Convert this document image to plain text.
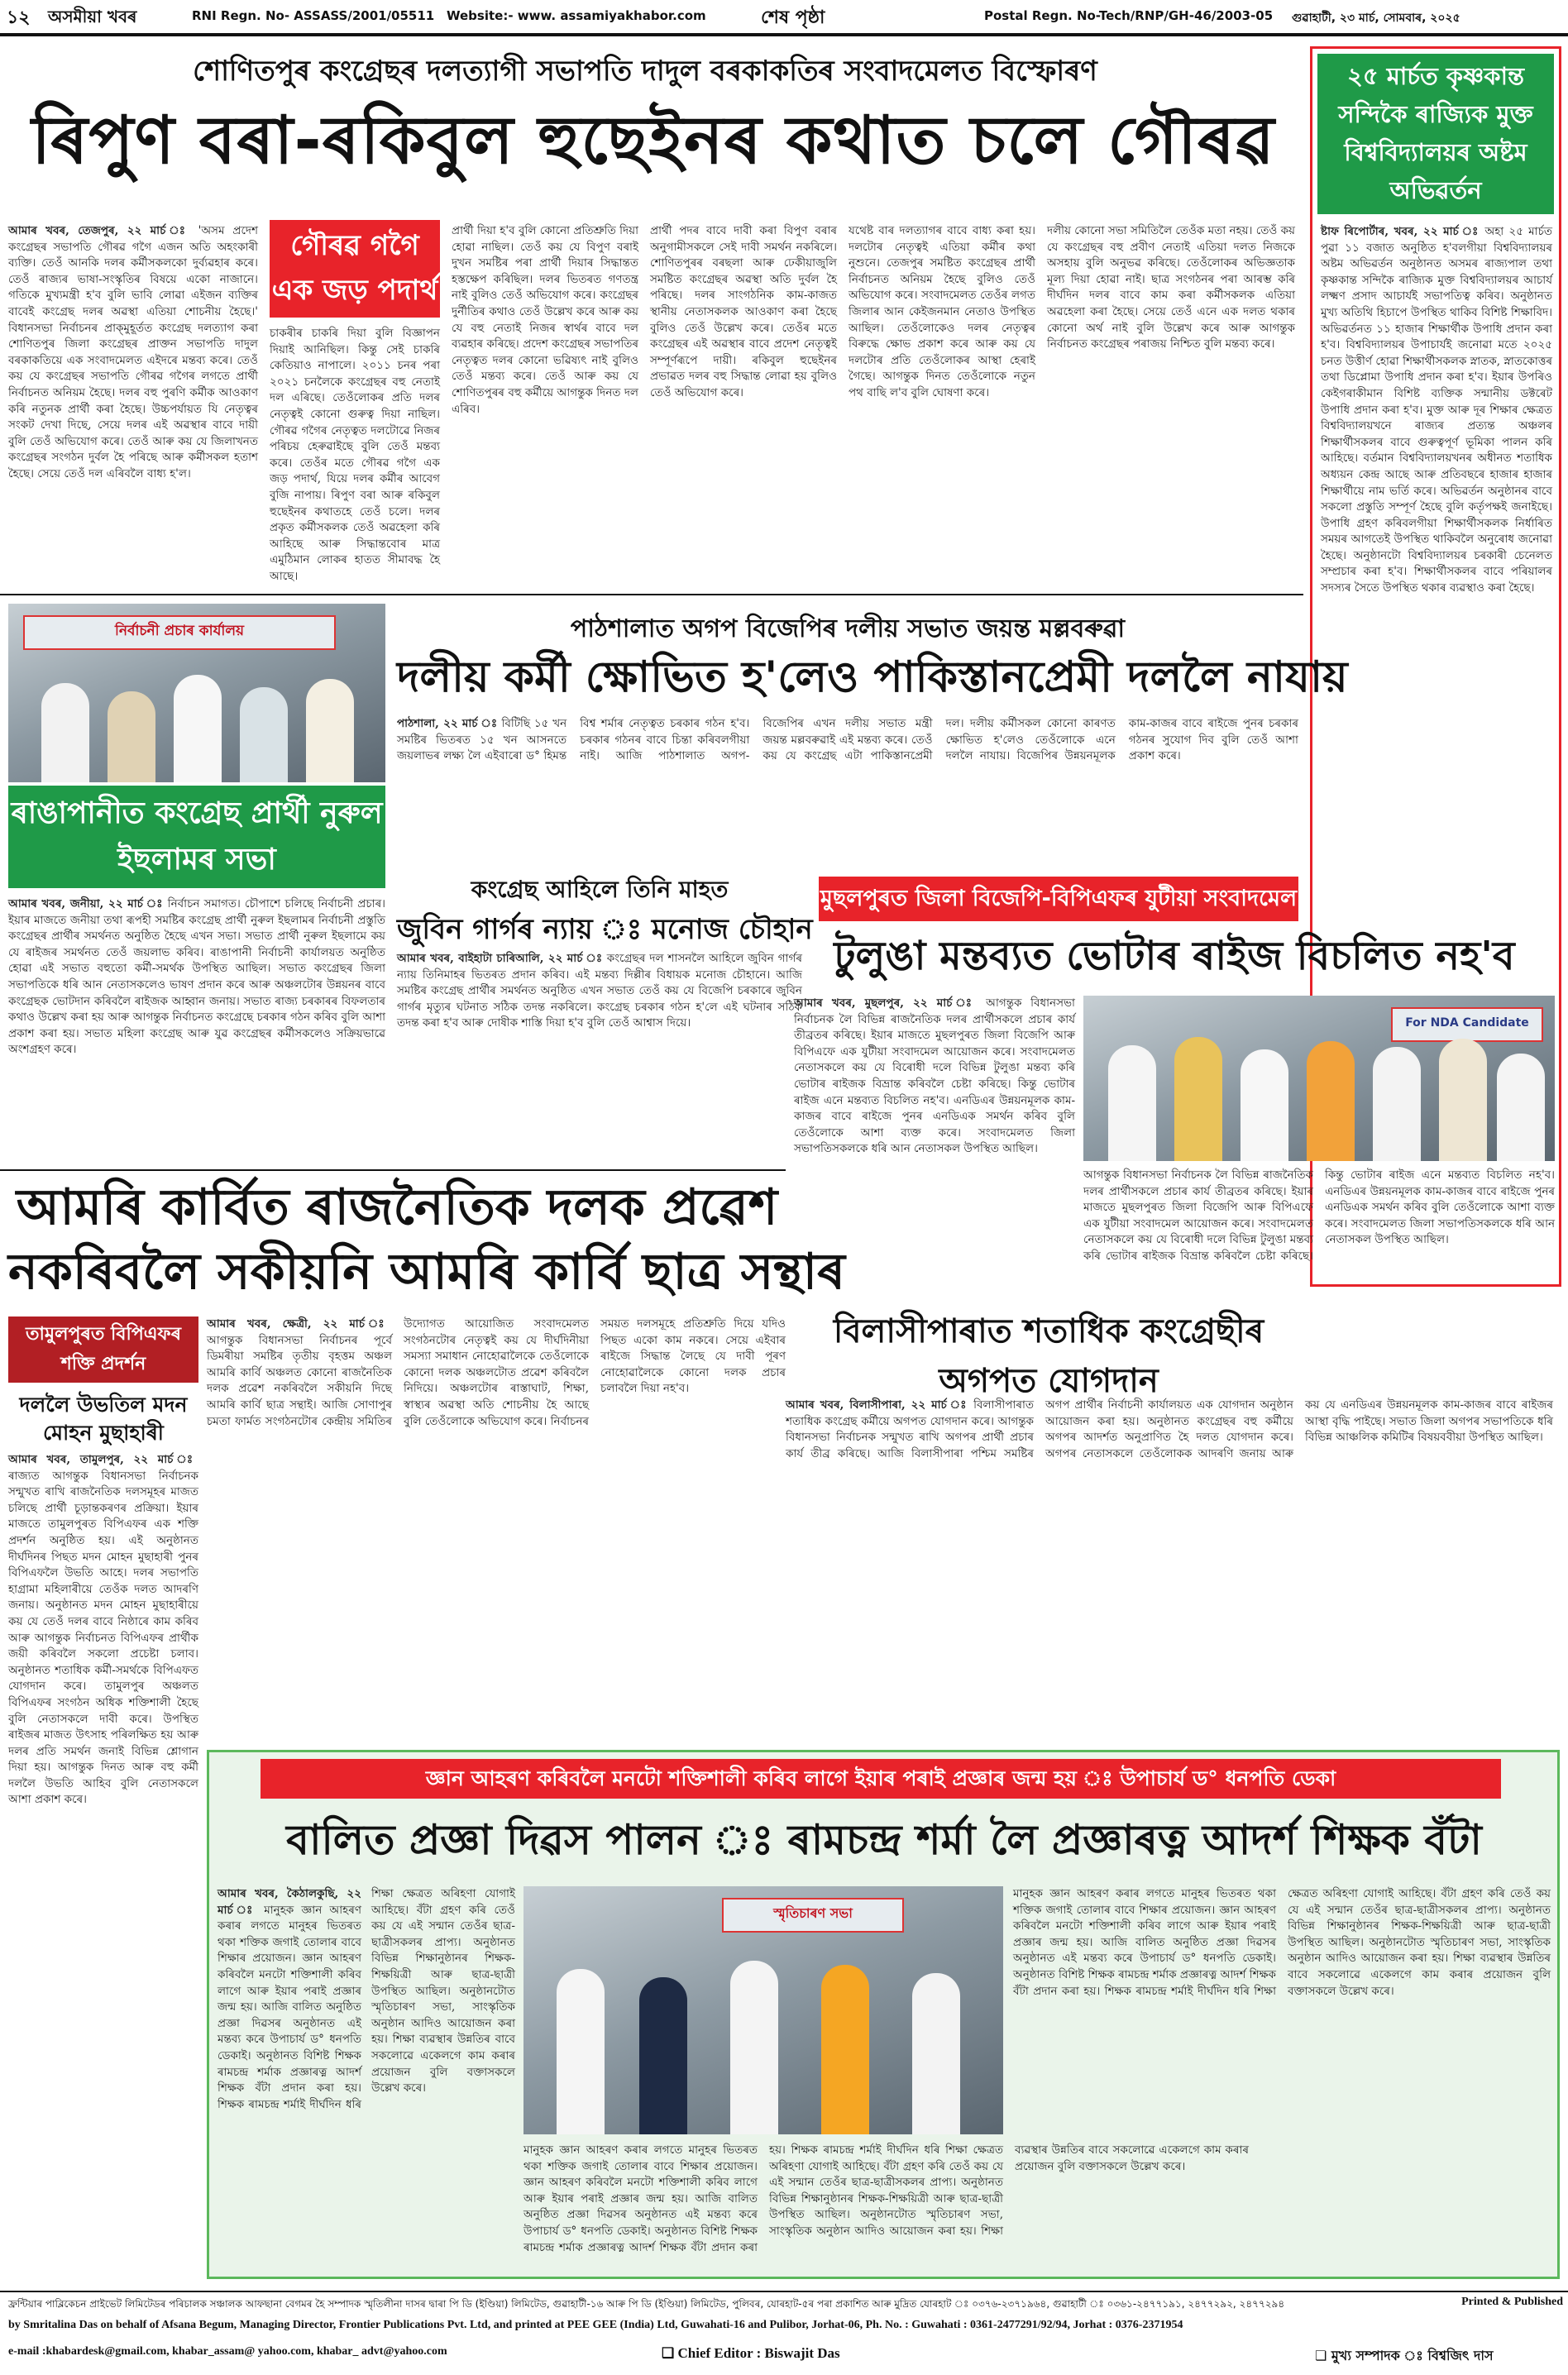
১২ অসমীয়া খবৰ	RNI Regn. No- ASSASS/2001/05511 Website:- www. assamiyakhabor.com	শেষ পৃষ্ঠা	Postal Regn. No-Tech/RNP/GH-46/2003-05 গুৱাহাটী, ২৩ মাৰ্চ, সোমবাৰ, ২০২৫
শোণিতপুৰ কংগ্ৰেছৰ দলত্যাগী সভাপতি দাদুল বৰকাকতিৰ সংবাদমেলত বিস্ফোৰণ
ৰিপুণ বৰা-ৰকিবুল হুছেইনৰ কথাত চলে গৌৰৱ
গৌৰৱ গগৈ এক জড় পদাৰ্থ
আমাৰ খবৰ, তেজপুৰ, ২২ মাৰ্চ ঃ 'অসম প্ৰদেশ কংগ্ৰেছৰ সভাপতি গৌৰৱ গগৈ এজন অতি অহংকাৰী ব্যক্তি। তেওঁ আনকি দলৰ কৰ্মীসকলকো দুৰ্ব্যৱহাৰ কৰে। তেওঁ ৰাজ্যৰ ভাষা-সংস্কৃতিৰ বিষয়ে একো নাজানে। গতিকে মুখ্যমন্ত্ৰী হ'ব বুলি ভাবি লোৱা এইজন ব্যক্তিৰ বাবেই কংগ্ৰেছ দলৰ অৱস্থা এতিয়া শোচনীয় হৈছে।' বিধানসভা নিৰ্বাচনৰ প্ৰাক্‌মুহূৰ্তত কংগ্ৰেছ দলত্যাগ কৰা শোণিতপুৰ জিলা কংগ্ৰেছৰ প্ৰাক্তন সভাপতি দাদুল বৰকাকতিয়ে এক সংবাদমেলত এইদৰে মন্তব্য কৰে। তেওঁ কয় যে কংগ্ৰেছৰ সভাপতি গৌৰৱ গগৈৰ লগতে প্ৰাৰ্থী নিৰ্বাচনত অনিয়ম হৈছে। দলৰ বহু পুৰণি কৰ্মীক আওকাণ কৰি নতুনক প্ৰাৰ্থী কৰা হৈছে। উচ্চপৰ্যায়ত যি নেতৃত্বৰ সংকট দেখা দিছে, সেয়ে দলৰ এই অৱস্থাৰ বাবে দায়ী বুলি তেওঁ অভিযোগ কৰে। তেওঁ আৰু কয় যে জিলাখনত কংগ্ৰেছৰ সংগঠন দুৰ্বল হৈ পৰিছে আৰু কৰ্মীসকল হতাশ হৈছে। সেয়ে তেওঁ দল এৰিবলৈ বাধ্য হ'ল।
চাকৰীৰ চাকৰি দিয়া বুলি বিজ্ঞাপন দিয়াই আনিছিল। কিন্তু সেই চাকৰি কেতিয়াও নাপালে। ২০১১ চনৰ পৰা ২০২১ চনলৈকে কংগ্ৰেছৰ বহু নেতাই দল এৰিছে। তেওঁলোকৰ প্ৰতি দলৰ নেতৃত্বই কোনো গুৰুত্ব দিয়া নাছিল। গৌৰৱ গগৈৰ নেতৃত্বত দলটোৱে নিজৰ পৰিচয় হেৰুৱাইছে বুলি তেওঁ মন্তব্য কৰে। তেওঁৰ মতে গৌৰৱ গগৈ এক জড় পদাৰ্থ, যিয়ে দলৰ কৰ্মীৰ আবেগ বুজি নাপায়। ৰিপুণ বৰা আৰু ৰকিবুল হুছেইনৰ কথাতহে তেওঁ চলে। দলৰ প্ৰকৃত কৰ্মীসকলক তেওঁ অৱহেলা কৰি আহিছে আৰু সিদ্ধান্তবোৰ মাত্ৰ এমুঠিমান লোকৰ হাতত সীমাবদ্ধ হৈ আছে।
প্ৰাৰ্থী দিয়া হ'ব বুলি কোনো প্ৰতিশ্ৰুতি দিয়া হোৱা নাছিল। তেওঁ কয় যে বিপুণ বৰাই দুখন সমষ্টিৰ পৰা প্ৰাৰ্থী দিয়াৰ সিদ্ধান্তত হস্তক্ষেপ কৰিছিল। দলৰ ভিতৰত গণতন্ত্ৰ নাই বুলিও তেওঁ অভিযোগ কৰে। কংগ্ৰেছৰ দুৰ্নীতিৰ কথাও তেওঁ উল্লেখ কৰে আৰু কয় যে বহু নেতাই নিজৰ স্বাৰ্থৰ বাবে দল ব্যৱহাৰ কৰিছে। প্ৰদেশ কংগ্ৰেছৰ সভাপতিৰ নেতৃত্বত দলৰ কোনো ভৱিষ্যৎ নাই বুলিও তেওঁ মন্তব্য কৰে। তেওঁ আৰু কয় যে শোণিতপুৰৰ বহু কৰ্মীয়ে আগন্তুক দিনত দল এৰিব।
প্ৰাৰ্থী পদৰ বাবে দাবী কৰা বিপুণ বৰাৰ অনুগামীসকলে সেই দাবী সমৰ্থন নকৰিলে। শোণিতপুৰৰ বৰছলা আৰু ঢেকীয়াজুলি সমষ্টিত কংগ্ৰেছৰ অৱস্থা অতি দুৰ্বল হৈ পৰিছে। দলৰ সাংগঠনিক কাম-কাজত স্থানীয় নেতাসকলক আওকাণ কৰা হৈছে বুলিও তেওঁ উল্লেখ কৰে। তেওঁৰ মতে কংগ্ৰেছৰ এই অৱস্থাৰ বাবে প্ৰদেশ নেতৃত্বই সম্পূৰ্ণৰূপে দায়ী। ৰকিবুল হুছেইনৰ প্ৰভাৱত দলৰ বহু সিদ্ধান্ত লোৱা হয় বুলিও তেওঁ অভিযোগ কৰে।
যথেষ্ট বাৰ দলত্যাগৰ বাবে বাধ্য কৰা হয়। দলটোৰ নেতৃত্বই এতিয়া কৰ্মীৰ কথা নুশুনে। তেজপুৰ সমষ্টিত কংগ্ৰেছৰ প্ৰাৰ্থী নিৰ্বাচনত অনিয়ম হৈছে বুলিও তেওঁ অভিযোগ কৰে। সংবাদমেলত তেওঁৰ লগত জিলাৰ আন কেইজনমান নেতাও উপস্থিত আছিল। তেওঁলোকেও দলৰ নেতৃত্বৰ বিৰুদ্ধে ক্ষোভ প্ৰকাশ কৰে আৰু কয় যে দলটোৰ প্ৰতি তেওঁলোকৰ আস্থা হেৰাই গৈছে। আগন্তুক দিনত তেওঁলোকে নতুন পথ বাছি ল'ব বুলি ঘোষণা কৰে।
দলীয় কোনো সভা সমিতিলৈ তেওঁক মতা নহয়। তেওঁ কয় যে কংগ্ৰেছৰ বহু প্ৰবীণ নেতাই এতিয়া দলত নিজকে অসহায় বুলি অনুভৱ কৰিছে। তেওঁলোকৰ অভিজ্ঞতাক মূল্য দিয়া হোৱা নাই। ছাত্ৰ সংগঠনৰ পৰা আৰম্ভ কৰি দীৰ্ঘদিন দলৰ বাবে কাম কৰা কৰ্মীসকলক এতিয়া অৱহেলা কৰা হৈছে। সেয়ে তেওঁ এনে এক দলত থকাৰ কোনো অৰ্থ নাই বুলি উল্লেখ কৰে আৰু আগন্তুক নিৰ্বাচনত কংগ্ৰেছৰ পৰাজয় নিশ্চিত বুলি মন্তব্য কৰে।
২৫ মাৰ্চত কৃষ্ণকান্ত সন্দিকৈ ৰাজ্যিক মুক্ত বিশ্ববিদ্যালয়ৰ অষ্টম অভিৱৰ্তন
ষ্টাফ ৰিপোৰ্টাৰ, খবৰ, ২২ মাৰ্চ ঃ অহা ২৫ মাৰ্চত পুৱা ১১ বজাত অনুষ্ঠিত হ'বলগীয়া বিশ্ববিদ্যালয়ৰ অষ্টম অভিৱৰ্তন অনুষ্ঠানত অসমৰ ৰাজ্যপাল তথা কৃষ্ণকান্ত সন্দিকৈ ৰাজ্যিক মুক্ত বিশ্ববিদ্যালয়ৰ আচাৰ্য লক্ষ্মণ প্ৰসাদ আচাৰ্যই সভাপতিত্ব কৰিব। অনুষ্ঠানত মুখ্য অতিথি হিচাপে উপস্থিত থাকিব বিশিষ্ট শিক্ষাবিদ। অভিৱৰ্তনত ১১ হাজাৰ শিক্ষাৰ্থীক উপাধি প্ৰদান কৰা হ'ব। বিশ্ববিদ্যালয়ৰ উপাচাৰ্যই জনোৱা মতে ২০২৫ চনত উত্তীৰ্ণ হোৱা শিক্ষাৰ্থীসকলক স্নাতক, স্নাতকোত্তৰ তথা ডিপ্লোমা উপাধি প্ৰদান কৰা হ'ব। ইয়াৰ উপৰিও কেইগৰাকীমান বিশিষ্ট ব্যক্তিক সন্মানীয় ডক্টৰেট উপাধি প্ৰদান কৰা হ'ব। মুক্ত আৰু দূৰ শিক্ষাৰ ক্ষেত্ৰত বিশ্ববিদ্যালয়খনে ৰাজ্যৰ প্ৰত্যন্ত অঞ্চলৰ শিক্ষাৰ্থীসকলৰ বাবে গুৰুত্বপূৰ্ণ ভূমিকা পালন কৰি আহিছে। বৰ্তমান বিশ্ববিদ্যালয়খনৰ অধীনত শতাধিক অধ্যয়ন কেন্দ্ৰ আছে আৰু প্ৰতিবছৰে হাজাৰ হাজাৰ শিক্ষাৰ্থীয়ে নাম ভৰ্তি কৰে। অভিৱৰ্তন অনুষ্ঠানৰ বাবে সকলো প্ৰস্তুতি সম্পূৰ্ণ হৈছে বুলি কৰ্তৃপক্ষই জনাইছে। উপাধি গ্ৰহণ কৰিবলগীয়া শিক্ষাৰ্থীসকলক নিৰ্ধাৰিত সময়ৰ আগতেই উপস্থিত থাকিবলৈ অনুৰোধ জনোৱা হৈছে। অনুষ্ঠানটো বিশ্ববিদ্যালয়ৰ চৰকাৰী চেনেলত সম্প্ৰচাৰ কৰা হ'ব। শিক্ষাৰ্থীসকলৰ বাবে পৰিয়ালৰ সদস্যৰ সৈতে উপস্থিত থকাৰ ব্যৱস্থাও কৰা হৈছে।
নিৰ্বাচনী প্ৰচাৰ কাৰ্যালয়
ৰাঙাপানীত কংগ্ৰেছ প্ৰাৰ্থী নুৰুল ইছলামৰ সভা
আমাৰ খবৰ, জনীয়া, ২২ মাৰ্চ ঃ নিৰ্বাচন সমাগত। চৌপাশে চলিছে নিৰ্বাচনী প্ৰচাৰ। ইয়াৰ মাজতে জনীয়া তথা ৰূপহী সমষ্টিৰ কংগ্ৰেছ প্ৰাৰ্থী নুৰুল ইছলামৰ নিৰ্বাচনী প্ৰস্তুতি কংগ্ৰেছৰ প্ৰাৰ্থীৰ সমৰ্থনত অনুষ্ঠিত হৈছে এখন সভা। সভাত প্ৰাৰ্থী নুৰুল ইছলামে কয় যে ৰাইজৰ সমৰ্থনত তেওঁ জয়লাভ কৰিব। ৰাঙাপানী নিৰ্বাচনী কাৰ্যালয়ত অনুষ্ঠিত হোৱা এই সভাত বহুতো কৰ্মী-সমৰ্থক উপস্থিত আছিল। সভাত কংগ্ৰেছৰ জিলা সভাপতিকে ধৰি আন নেতাসকলেও ভাষণ প্ৰদান কৰে আৰু অঞ্চলটোৰ উন্নয়নৰ বাবে কংগ্ৰেছক ভোটদান কৰিবলৈ ৰাইজক আহ্বান জনায়। সভাত ৰাজ্য চৰকাৰৰ বিফলতাৰ কথাও উল্লেখ কৰা হয় আৰু আগন্তুক নিৰ্বাচনত কংগ্ৰেছে চৰকাৰ গঠন কৰিব বুলি আশা প্ৰকাশ কৰা হয়। সভাত মহিলা কংগ্ৰেছ আৰু যুৱ কংগ্ৰেছৰ কৰ্মীসকলেও সক্ৰিয়ভাৱে অংশগ্ৰহণ কৰে।
পাঠশালাত অগপ বিজেপিৰ দলীয় সভাত জয়ন্ত মল্লবৰুৱা
দলীয় কৰ্মী ক্ষোভিত হ'লেও পাকিস্তানপ্ৰেমী দললৈ নাযায়
পাঠশালা, ২২ মাৰ্চ ঃ বিটিছি ১৫ খন সমষ্টিৰ ভিতৰত ১৫ খন আসনতে জয়লাভৰ লক্ষ্য লৈ এইবাৰো ড° হিমন্ত বিশ্ব শৰ্মাৰ নেতৃত্বত চৰকাৰ গঠন হ'ব। চৰকাৰ গঠনৰ বাবে চিন্তা কৰিবলগীয়া নাই। আজি পাঠশালাত অগপ-বিজেপিৰ এখন দলীয় সভাত মন্ত্ৰী জয়ন্ত মল্লবৰুৱাই এই মন্তব্য কৰে। তেওঁ কয় যে কংগ্ৰেছ এটা পাকিস্তানপ্ৰেমী দল। দলীয় কৰ্মীসকল কোনো কাৰণত ক্ষোভিত হ'লেও তেওঁলোকে এনে দললৈ নাযায়। বিজেপিৰ উন্নয়নমূলক কাম-কাজৰ বাবে ৰাইজে পুনৰ চৰকাৰ গঠনৰ সুযোগ দিব বুলি তেওঁ আশা প্ৰকাশ কৰে।
কংগ্ৰেছ আহিলে তিনি মাহত
জুবিন গাৰ্গৰ ন্যায় ঃ মনোজ চৌহান
আমাৰ খবৰ, বাইহাটা চাৰিআলি, ২২ মাৰ্চ ঃ কংগ্ৰেছৰ দল শাসনলৈ আহিলে জুবিন গাৰ্গৰ ন্যায় তিনিমাহৰ ভিতৰত প্ৰদান কৰিব। এই মন্তব্য দিল্লীৰ বিধায়ক মনোজ চৌহানে। আজি সমষ্টিৰ কংগ্ৰেছ প্ৰাৰ্থীৰ সমৰ্থনত অনুষ্ঠিত এখন সভাত তেওঁ কয় যে বিজেপি চৰকাৰে জুবিন গাৰ্গৰ মৃত্যুৰ ঘটনাত সঠিক তদন্ত নকৰিলে। কংগ্ৰেছ চৰকাৰ গঠন হ'লে এই ঘটনাৰ সঠিক তদন্ত কৰা হ'ব আৰু দোষীক শাস্তি দিয়া হ'ব বুলি তেওঁ আশ্বাস দিয়ে।
মুছলপুৰত জিলা বিজেপি-বিপিএফৰ যুটীয়া সংবাদমেল
টুলুঙা মন্তব্যত ভোটাৰ ৰাইজ বিচলিত নহ'ব
আমাৰ খবৰ, মুছলপুৰ, ২২ মাৰ্চ ঃ আগন্তুক বিধানসভা নিৰ্বাচনক লৈ বিভিন্ন ৰাজনৈতিক দলৰ প্ৰাৰ্থীসকলে প্ৰচাৰ কাৰ্য তীব্ৰতৰ কৰিছে। ইয়াৰ মাজতে মুছলপুৰত জিলা বিজেপি আৰু বিপিএফে এক যুটীয়া সংবাদমেল আয়োজন কৰে। সংবাদমেলত নেতাসকলে কয় যে বিৰোধী দলে বিভিন্ন টুলুঙা মন্তব্য কৰি ভোটাৰ ৰাইজক বিভ্ৰান্ত কৰিবলৈ চেষ্টা কৰিছে। কিন্তু ভোটাৰ ৰাইজ এনে মন্তব্যত বিচলিত নহ'ব। এনডিএৰ উন্নয়নমূলক কাম-কাজৰ বাবে ৰাইজে পুনৰ এনডিএক সমৰ্থন কৰিব বুলি তেওঁলোকে আশা ব্যক্ত কৰে। সংবাদমেলত জিলা সভাপতিসকলকে ধৰি আন নেতাসকল উপস্থিত আছিল।
For NDA Candidate
আগন্তুক বিধানসভা নিৰ্বাচনক লৈ বিভিন্ন ৰাজনৈতিক দলৰ প্ৰাৰ্থীসকলে প্ৰচাৰ কাৰ্য তীব্ৰতৰ কৰিছে। ইয়াৰ মাজতে মুছলপুৰত জিলা বিজেপি আৰু বিপিএফে এক যুটীয়া সংবাদমেল আয়োজন কৰে। সংবাদমেলত নেতাসকলে কয় যে বিৰোধী দলে বিভিন্ন টুলুঙা মন্তব্য কৰি ভোটাৰ ৰাইজক বিভ্ৰান্ত কৰিবলৈ চেষ্টা কৰিছে। কিন্তু ভোটাৰ ৰাইজ এনে মন্তব্যত বিচলিত নহ'ব। এনডিএৰ উন্নয়নমূলক কাম-কাজৰ বাবে ৰাইজে পুনৰ এনডিএক সমৰ্থন কৰিব বুলি তেওঁলোকে আশা ব্যক্ত কৰে। সংবাদমেলত জিলা সভাপতিসকলকে ধৰি আন নেতাসকল উপস্থিত আছিল।
আমৰি কাৰ্বিত ৰাজনৈতিক দলক প্ৰৱেশ
নকৰিবলৈ সকীয়নি আমৰি কাৰ্বি ছাত্ৰ সন্থাৰ
তামুলপুৰত বিপিএফৰ শক্তি প্ৰদৰ্শন
দললৈ উভতিল মদন মোহন মুছাহাৰী
আমাৰ খবৰ, তামুলপুৰ, ২২ মাৰ্চ ঃ ৰাজ্যত আগন্তুক বিধানসভা নিৰ্বাচনক সন্মুখত ৰাখি ৰাজনৈতিক দলসমূহৰ মাজত চলিছে প্ৰাৰ্থী চূড়ান্তকৰণৰ প্ৰক্ৰিয়া। ইয়াৰ মাজতে তামুলপুৰত বিপিএফৰ এক শক্তি প্ৰদৰ্শন অনুষ্ঠিত হয়। এই অনুষ্ঠানত দীৰ্ঘদিনৰ পিছত মদন মোহন মুছাহাৰী পুনৰ বিপিএফলৈ উভতি আহে। দলৰ সভাপতি হাগ্ৰামা মহিলাৰীয়ে তেওঁক দলত আদৰণি জনায়। অনুষ্ঠানত মদন মোহন মুছাহাৰীয়ে কয় যে তেওঁ দলৰ বাবে নিষ্ঠাৰে কাম কৰিব আৰু আগন্তুক নিৰ্বাচনত বিপিএফৰ প্ৰাৰ্থীক জয়ী কৰিবলৈ সকলো প্ৰচেষ্টা চলাব। অনুষ্ঠানত শতাধিক কৰ্মী-সমৰ্থকে বিপিএফত যোগদান কৰে। তামুলপুৰ অঞ্চলত বিপিএফৰ সংগঠন অধিক শক্তিশালী হৈছে বুলি নেতাসকলে দাবী কৰে। উপস্থিত ৰাইজৰ মাজত উৎসাহ পৰিলক্ষিত হয় আৰু দলৰ প্ৰতি সমৰ্থন জনাই বিভিন্ন শ্লোগান দিয়া হয়। আগন্তুক দিনত আৰু বহু কৰ্মী দললৈ উভতি আহিব বুলি নেতাসকলে আশা প্ৰকাশ কৰে।
আমাৰ খবৰ, ক্ষেত্ৰী, ২২ মাৰ্চ ঃ আগন্তুক বিধানসভা নিৰ্বাচনৰ পূৰ্বে ডিমৰীয়া সমষ্টিৰ তৃতীয় বৃহত্তম অঞ্চল আমৰি কাৰ্বি অঞ্চলত কোনো ৰাজনৈতিক দলক প্ৰৱেশ নকৰিবলৈ সকীয়নি দিছে আমৰি কাৰ্বি ছাত্ৰ সন্থাই। আজি সোণাপুৰ চমতা ফাৰ্মত সংগঠনটোৰ কেন্দ্ৰীয় সমিতিৰ উদ্যোগত আয়োজিত সংবাদমেলত সংগঠনটোৰ নেতৃত্বই কয় যে দীৰ্ঘদিনীয়া সমস্যা সমাধান নোহোৱালৈকে তেওঁলোকে কোনো দলক অঞ্চলটোত প্ৰৱেশ কৰিবলৈ নিদিয়ে। অঞ্চলটোৰ ৰাস্তাঘাট, শিক্ষা, স্বাস্থ্যৰ অৱস্থা অতি শোচনীয় হৈ আছে বুলি তেওঁলোকে অভিযোগ কৰে। নিৰ্বাচনৰ সময়ত দলসমূহে প্ৰতিশ্ৰুতি দিয়ে যদিও পিছত একো কাম নকৰে। সেয়ে এইবাৰ ৰাইজে সিদ্ধান্ত লৈছে যে দাবী পূৰণ নোহোৱালৈকে কোনো দলক প্ৰচাৰ চলাবলৈ দিয়া নহ'ব।
বিলাসীপাৰাত শতাধিক কংগ্ৰেছীৰ অগপত যোগদান
আমাৰ খবৰ, বিলাসীপাৰা, ২২ মাৰ্চ ঃ বিলাসীপাৰাত শতাধিক কংগ্ৰেছ কৰ্মীয়ে অগপত যোগদান কৰে। আগন্তুক বিধানসভা নিৰ্বাচনক সন্মুখত ৰাখি অগপৰ প্ৰাৰ্থী প্ৰচাৰ কাৰ্য তীব্ৰ কৰিছে। আজি বিলাসীপাৰা পশ্চিম সমষ্টিৰ অগপ প্ৰাৰ্থীৰ নিৰ্বাচনী কাৰ্যালয়ত এক যোগদান অনুষ্ঠান আয়োজন কৰা হয়। অনুষ্ঠানত কংগ্ৰেছৰ বহু কৰ্মীয়ে অগপৰ আদৰ্শত অনুপ্ৰাণিত হৈ দলত যোগদান কৰে। অগপৰ নেতাসকলে তেওঁলোকক আদৰণি জনায় আৰু কয় যে এনডিএৰ উন্নয়নমূলক কাম-কাজৰ বাবে ৰাইজৰ আস্থা বৃদ্ধি পাইছে। সভাত জিলা অগপৰ সভাপতিকে ধৰি বিভিন্ন আঞ্চলিক কমিটিৰ বিষয়ববীয়া উপস্থিত আছিল।
জ্ঞান আহৰণ কৰিবলৈ মনটো শক্তিশালী কৰিব লাগে ইয়াৰ পৰাই প্ৰজ্ঞাৰ জন্ম হয় ঃ উপাচাৰ্য ড° ধনপতি ডেকা
বালিত প্ৰজ্ঞা দিৱস পালন ঃ ৰামচন্দ্ৰ শৰ্মা লৈ প্ৰজ্ঞাৰত্ন আদৰ্শ শিক্ষক বঁটা
আমাৰ খবৰ, কৈঠালকুছি, ২২ মাৰ্চ ঃ মানুহক জ্ঞান আহৰণ কৰাৰ লগতে মানুহৰ ভিতৰত থকা শক্তিক জগাই তোলাৰ বাবে শিক্ষাৰ প্ৰয়োজন। জ্ঞান আহৰণ কৰিবলৈ মনটো শক্তিশালী কৰিব লাগে আৰু ইয়াৰ পৰাই প্ৰজ্ঞাৰ জন্ম হয়। আজি বালিত অনুষ্ঠিত প্ৰজ্ঞা দিৱসৰ অনুষ্ঠানত এই মন্তব্য কৰে উপাচাৰ্য ড° ধনপতি ডেকাই। অনুষ্ঠানত বিশিষ্ট শিক্ষক ৰামচন্দ্ৰ শৰ্মাক প্ৰজ্ঞাৰত্ন আদৰ্শ শিক্ষক বঁটা প্ৰদান কৰা হয়। শিক্ষক ৰামচন্দ্ৰ শৰ্মাই দীৰ্ঘদিন ধৰি শিক্ষা ক্ষেত্ৰত অৰিহণা যোগাই আহিছে। বঁটা গ্ৰহণ কৰি তেওঁ কয় যে এই সন্মান তেওঁৰ ছাত্ৰ-ছাত্ৰীসকলৰ প্ৰাপ্য। অনুষ্ঠানত বিভিন্ন শিক্ষানুষ্ঠানৰ শিক্ষক-শিক্ষয়িত্ৰী আৰু ছাত্ৰ-ছাত্ৰী উপস্থিত আছিল। অনুষ্ঠানটোত স্মৃতিচাৰণ সভা, সাংস্কৃতিক অনুষ্ঠান আদিও আয়োজন কৰা হয়। শিক্ষা ব্যৱস্থাৰ উন্নতিৰ বাবে সকলোৱে একেলগে কাম কৰাৰ প্ৰয়োজন বুলি বক্তাসকলে উল্লেখ কৰে।
স্মৃতিচাৰণ সভা
মানুহক জ্ঞান আহৰণ কৰাৰ লগতে মানুহৰ ভিতৰত থকা শক্তিক জগাই তোলাৰ বাবে শিক্ষাৰ প্ৰয়োজন। জ্ঞান আহৰণ কৰিবলৈ মনটো শক্তিশালী কৰিব লাগে আৰু ইয়াৰ পৰাই প্ৰজ্ঞাৰ জন্ম হয়। আজি বালিত অনুষ্ঠিত প্ৰজ্ঞা দিৱসৰ অনুষ্ঠানত এই মন্তব্য কৰে উপাচাৰ্য ড° ধনপতি ডেকাই। অনুষ্ঠানত বিশিষ্ট শিক্ষক ৰামচন্দ্ৰ শৰ্মাক প্ৰজ্ঞাৰত্ন আদৰ্শ শিক্ষক বঁটা প্ৰদান কৰা হয়। শিক্ষক ৰামচন্দ্ৰ শৰ্মাই দীৰ্ঘদিন ধৰি শিক্ষা ক্ষেত্ৰত অৰিহণা যোগাই আহিছে। বঁটা গ্ৰহণ কৰি তেওঁ কয় যে এই সন্মান তেওঁৰ ছাত্ৰ-ছাত্ৰীসকলৰ প্ৰাপ্য। অনুষ্ঠানত বিভিন্ন শিক্ষানুষ্ঠানৰ শিক্ষক-শিক্ষয়িত্ৰী আৰু ছাত্ৰ-ছাত্ৰী উপস্থিত আছিল। অনুষ্ঠানটোত স্মৃতিচাৰণ সভা, সাংস্কৃতিক অনুষ্ঠান আদিও আয়োজন কৰা হয়। শিক্ষা ব্যৱস্থাৰ উন্নতিৰ বাবে সকলোৱে একেলগে কাম কৰাৰ প্ৰয়োজন বুলি বক্তাসকলে উল্লেখ কৰে।
মানুহক জ্ঞান আহৰণ কৰাৰ লগতে মানুহৰ ভিতৰত থকা শক্তিক জগাই তোলাৰ বাবে শিক্ষাৰ প্ৰয়োজন। জ্ঞান আহৰণ কৰিবলৈ মনটো শক্তিশালী কৰিব লাগে আৰু ইয়াৰ পৰাই প্ৰজ্ঞাৰ জন্ম হয়। আজি বালিত অনুষ্ঠিত প্ৰজ্ঞা দিৱসৰ অনুষ্ঠানত এই মন্তব্য কৰে উপাচাৰ্য ড° ধনপতি ডেকাই। অনুষ্ঠানত বিশিষ্ট শিক্ষক ৰামচন্দ্ৰ শৰ্মাক প্ৰজ্ঞাৰত্ন আদৰ্শ শিক্ষক বঁটা প্ৰদান কৰা হয়। শিক্ষক ৰামচন্দ্ৰ শৰ্মাই দীৰ্ঘদিন ধৰি শিক্ষা ক্ষেত্ৰত অৰিহণা যোগাই আহিছে। বঁটা গ্ৰহণ কৰি তেওঁ কয় যে এই সন্মান তেওঁৰ ছাত্ৰ-ছাত্ৰীসকলৰ প্ৰাপ্য। অনুষ্ঠানত বিভিন্ন শিক্ষানুষ্ঠানৰ শিক্ষক-শিক্ষয়িত্ৰী আৰু ছাত্ৰ-ছাত্ৰী উপস্থিত আছিল। অনুষ্ঠানটোত স্মৃতিচাৰণ সভা, সাংস্কৃতিক অনুষ্ঠান আদিও আয়োজন কৰা হয়। শিক্ষা ব্যৱস্থাৰ উন্নতিৰ বাবে সকলোৱে একেলগে কাম কৰাৰ প্ৰয়োজন বুলি বক্তাসকলে উল্লেখ কৰে।
ফ্ৰন্টিয়াৰ পাব্লিকেচন প্ৰাইভেট লিমিটেডৰ পৰিচালক সঞ্চালক আফছানা বেগমৰ হৈ সম্পাদক স্মৃতিলীনা দাসৰ দ্বাৰা পি ডি (ইণ্ডিয়া) লিমিটেড, গুৱাহাটী-১৬ আৰু পি ডি (ইণ্ডিয়া) লিমিটেড, পুলিবৰ, যোৰহাট-৫ৰ পৰা প্ৰকাশিত আৰু মুদ্ৰিত যোৰহাট ঃ ০৩৭৬-২৩৭১৯৬৪, গুৱাহাটী ঃ ০৩৬১-২৪৭৭১৯১, ২৪৭৭২৯২, ২৪৭৭২৯৪	Printed & Published
by Smritalina Das on behalf of Afsana Begum, Managing Director, Frontier Publications Pvt. Ltd, and printed at PEE GEE (India) Ltd, Guwahati-16 and Pulibor, Jorhat-06, Ph. No. : Guwahati : 0361-2477291/92/94, Jorhat : 0376-2371954
e-mail :khabardesk@gmail.com, khabar_assam@ yahoo.com, khabar_ advt@yahoo.com	❏ Chief Editor : Biswajit Das	❏ মুখ্য সম্পাদক ঃ বিশ্বজিৎ দাস
